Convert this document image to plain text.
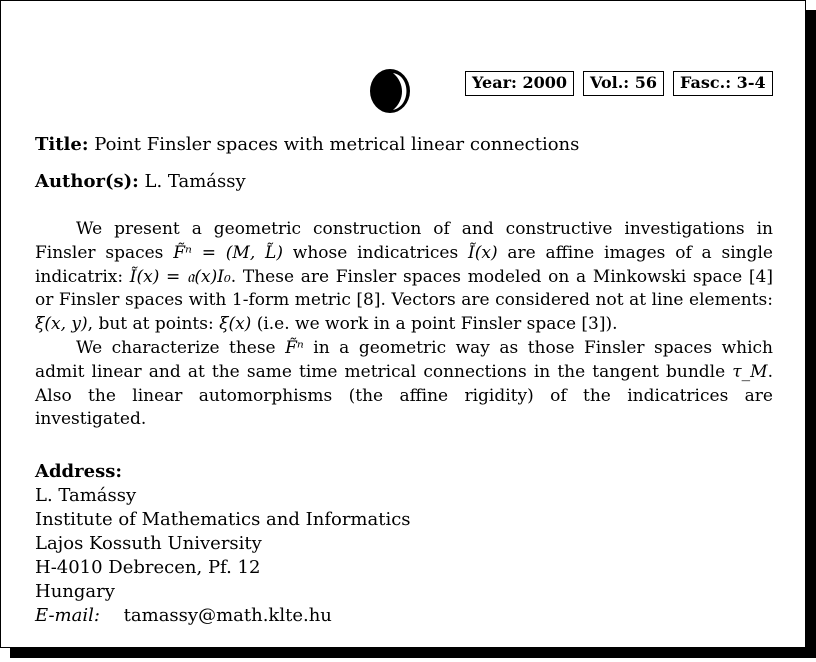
Year: 2000	Vol.: 56	Fasc.: 3-4
Title: Point Finsler spaces with metrical linear connections
Author(s): L. Tamássy

We present a geometric construction of and constructive investigations in Finsler spaces F̃ⁿ = (M, L̃) whose indicatrices Ĩ(x) are affine images of a single indicatrix: Ĩ(x) = 𝔞(x)I₀. These are Finsler spaces modeled on a Minkowski space [4] or Finsler spaces with 1-form metric [8]. Vectors are considered not at line elements: ξ(x, y), but at points: ξ(x) (i.e. we work in a point Finsler space [3]).

We characterize these F̃ⁿ in a geometric way as those Finsler spaces which admit linear and at the same time metrical connections in the tangent bundle τ_M. Also the linear automorphisms (the affine rigidity) of the indicatrices are investigated.

Address:
L. Tamássy
Institute of Mathematics and Informatics
Lajos Kossuth University
H-4010 Debrecen, Pf. 12
Hungary
E-mail: tamassy@math.klte.hu
